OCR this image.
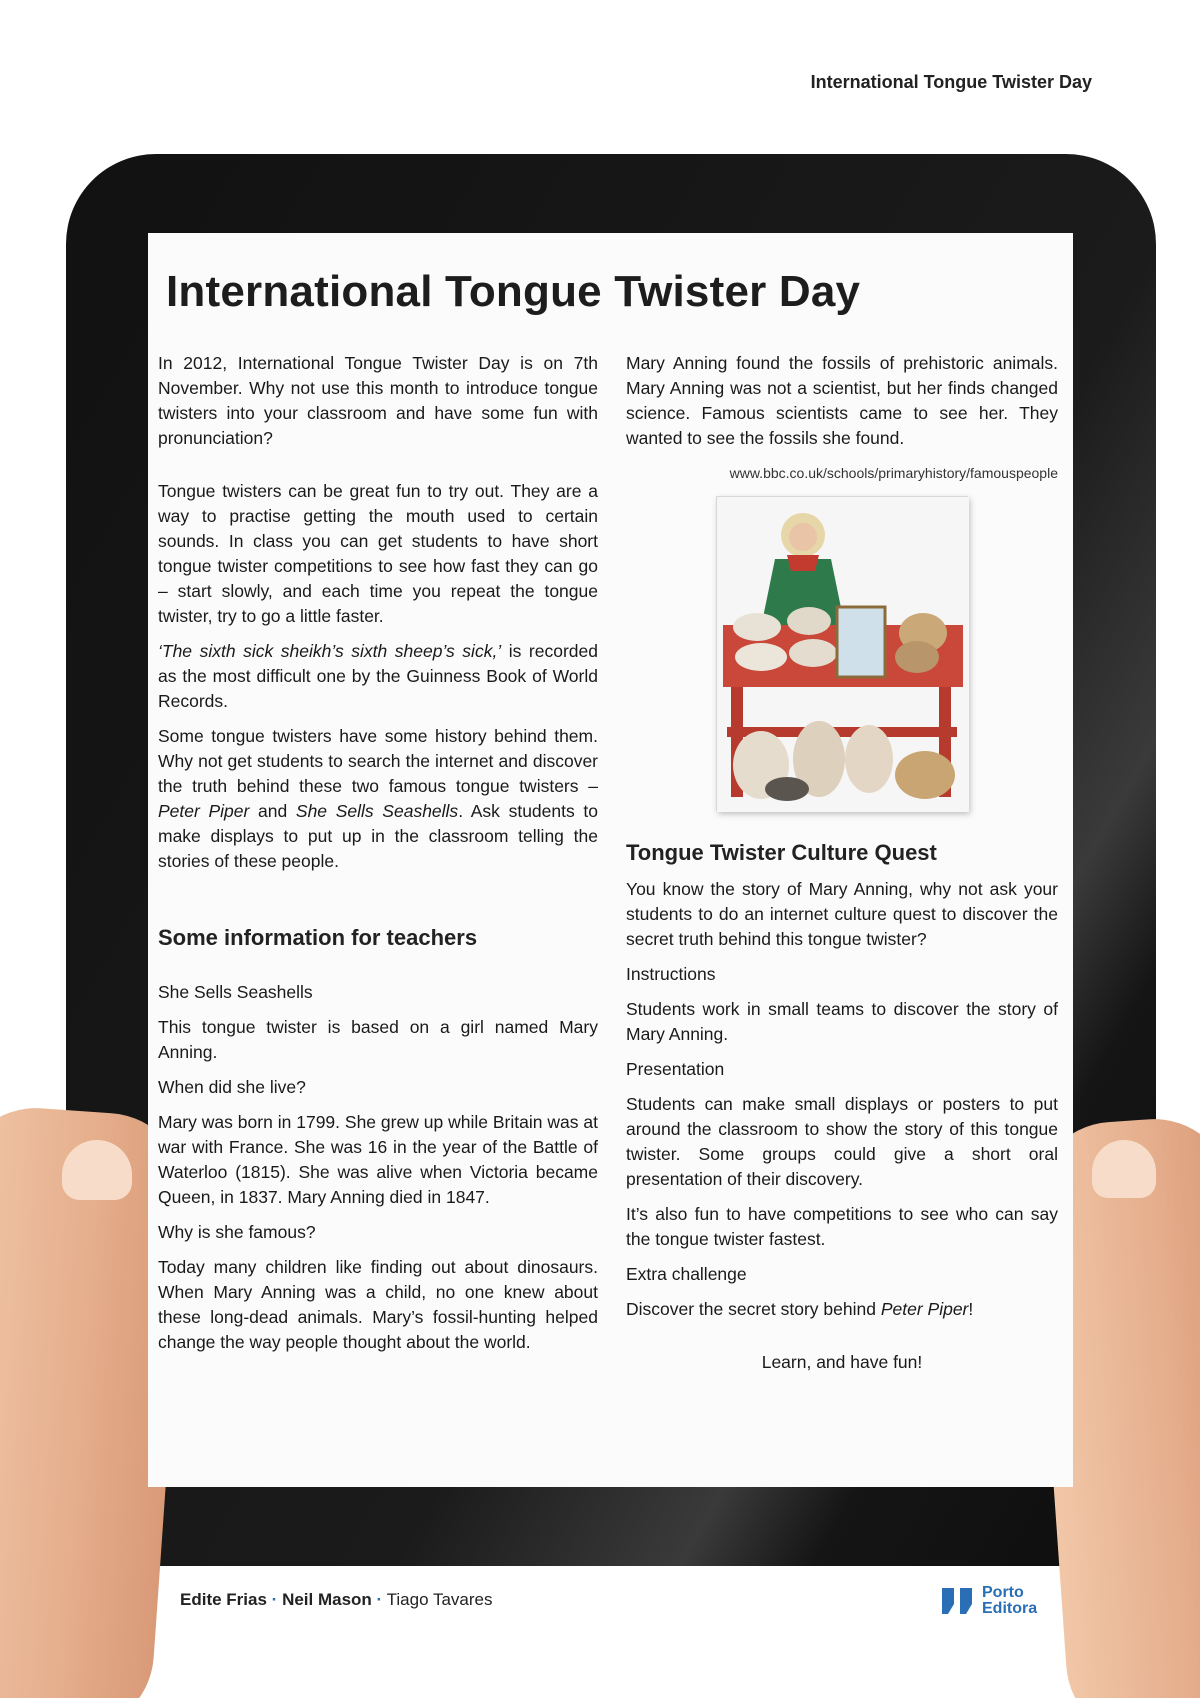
International Tongue Twister Day
International Tongue Twister Day

In 2012, International Tongue Twister Day is on 7th November. Why not use this month to introduce tongue twisters into your classroom and have some fun with pronunciation?

Tongue twisters can be great fun to try out. They are a way to practise getting the mouth used to certain sounds. In class you can get students to have short tongue twister competitions to see how fast they can go – start slowly, and each time you repeat the tongue twister, try to go a little faster.

‘The sixth sick sheikh’s sixth sheep’s sick,’ is recorded as the most difficult one by the Guinness Book of World Records.

Some tongue twisters have some history behind them. Why not get students to search the internet and discover the truth behind these two famous tongue twisters – Peter Piper and She Sells Seashells. Ask students to make displays to put up in the classroom telling the stories of these people.

Some information for teachers

She Sells Seashells

This tongue twister is based on a girl named Mary Anning.

When did she live?

Mary was born in 1799. She grew up while Britain was at war with France. She was 16 in the year of the Battle of Waterloo (1815). She was alive when Victoria became Queen, in 1837. Mary Anning died in 1847.

Why is she famous?

Today many children like finding out about dinosaurs. When Mary Anning was a child, no one knew about these long-dead animals. Mary’s fossil-hunting helped change the way people thought about the world.

Mary Anning found the fossils of prehistoric animals. Mary Anning was not a scientist, but her finds changed science. Famous scientists came to see her. They wanted to see the fossils she found.

www.bbc.co.uk/schools/primaryhistory/famouspeople

Tongue Twister Culture Quest

You know the story of Mary Anning, why not ask your students to do an internet culture quest to discover the secret truth behind this tongue twister?

Instructions

Students work in small teams to discover the story of Mary Anning.

Presentation

Students can make small displays or posters to put around the classroom to show the story of this tongue twister. Some groups could give a short oral presentation of their discovery.

It’s also fun to have competitions to see who can say the tongue twister fastest.

Extra challenge

Discover the secret story behind Peter Piper!

Learn, and have fun!

Edite Frias · Neil Mason · Tiago Tavares	Porto
Editora
